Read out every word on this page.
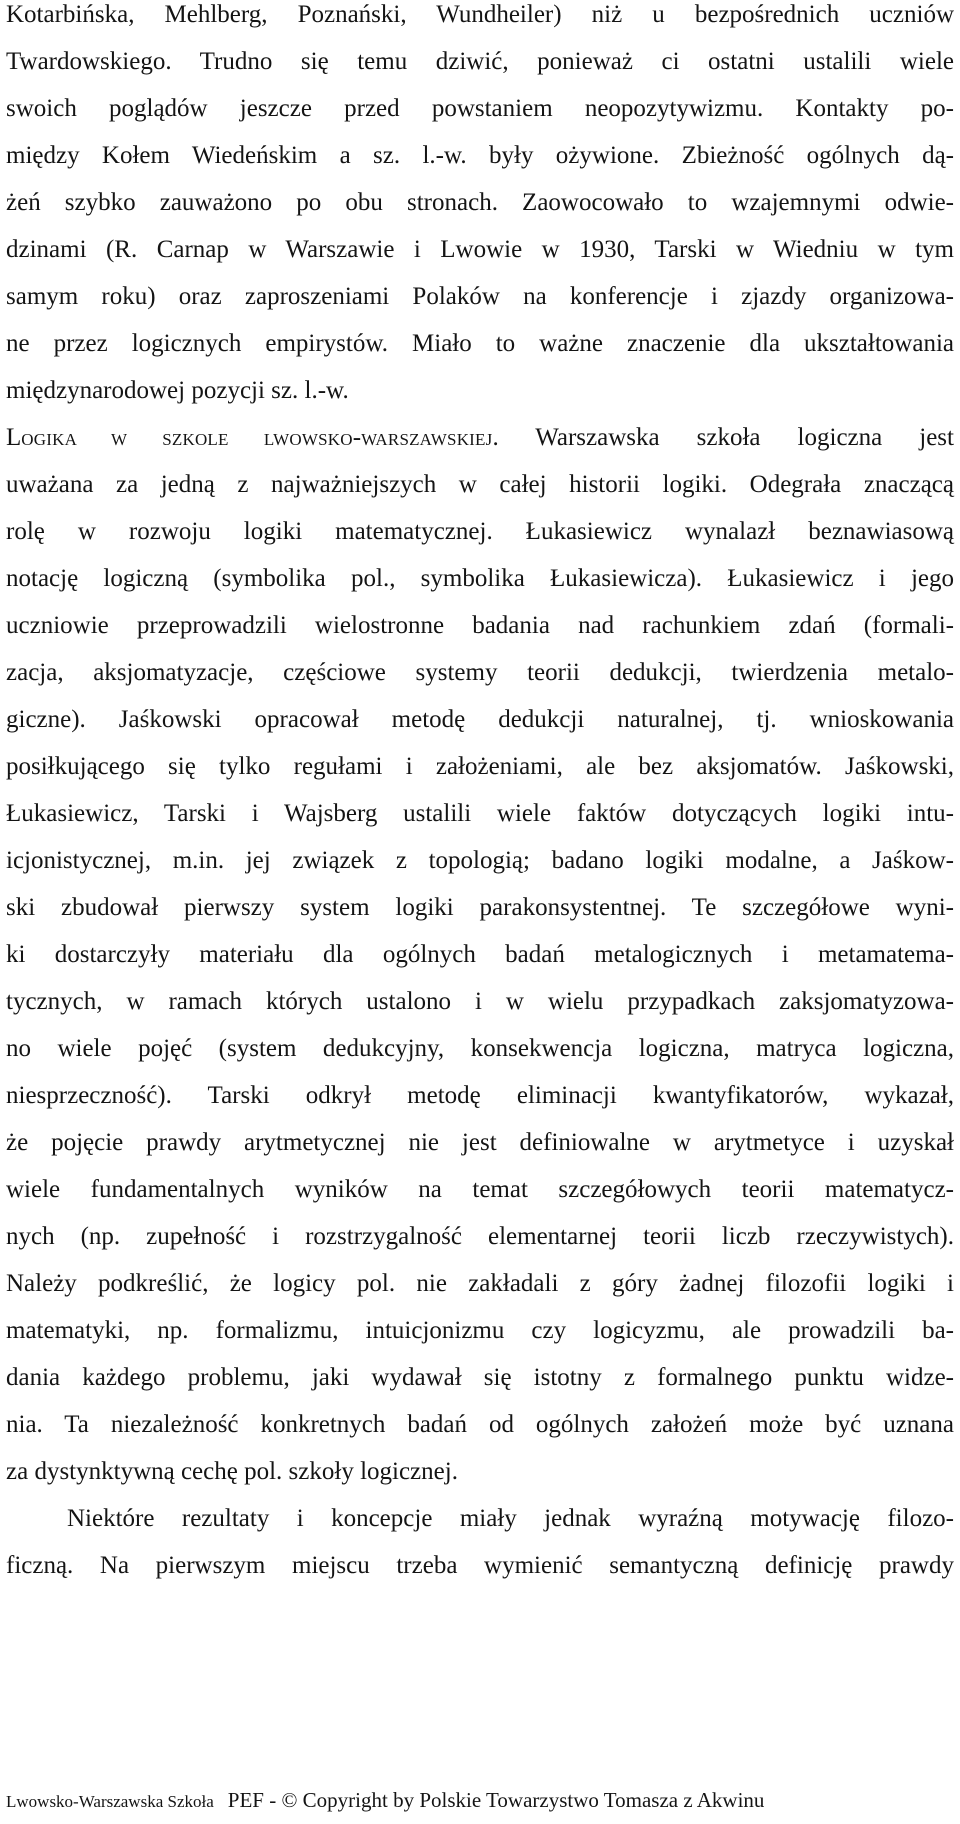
Kotarbińska, Mehlberg, Poznański, Wundheiler) niż u bezpośrednich uczniów
Twardowskiego. Trudno się temu dziwić, ponieważ ci ostatni ustalili wiele
swoich poglądów jeszcze przed powstaniem neopozytywizmu. Kontakty po-
między Kołem Wiedeńskim a sz. l.-w. były ożywione. Zbieżność ogólnych dą-
żeń szybko zauważono po obu stronach. Zaowocowało to wzajemnymi odwie-
dzinami (R. Carnap w Warszawie i Lwowie w 1930, Tarski w Wiedniu w tym
samym roku) oraz zaproszeniami Polaków na konferencje i zjazdy organizowa-
ne przez logicznych empirystów. Miało to ważne znaczenie dla ukształtowania
międzynarodowej pozycji sz. l.-w.
LOGIKA W SZKOLE LWOWSKO-WARSZAWSKIEJ. Warszawska szkoła logiczna jest
uważana za jedną z najważniejszych w całej historii logiki. Odegrała znaczącą
rolę w rozwoju logiki matematycznej. Łukasiewicz wynalazł beznawiasową
notację logiczną (symbolika pol., symbolika Łukasiewicza). Łukasiewicz i jego
uczniowie przeprowadzili wielostronne badania nad rachunkiem zdań (formali-
zacja, aksjomatyzacje, częściowe systemy teorii dedukcji, twierdzenia metalo-
giczne). Jaśkowski opracował metodę dedukcji naturalnej, tj. wnioskowania
posiłkującego się tylko regułami i założeniami, ale bez aksjomatów. Jaśkowski,
Łukasiewicz, Tarski i Wajsberg ustalili wiele faktów dotyczących logiki intu-
icjonistycznej, m.in. jej związek z topologią; badano logiki modalne, a Jaśkow-
ski zbudował pierwszy system logiki parakonsystentnej. Te szczegółowe wyni-
ki dostarczyły materiału dla ogólnych badań metalogicznych i metamatema-
tycznych, w ramach których ustalono i w wielu przypadkach zaksjomatyzowa-
no wiele pojęć (system dedukcyjny, konsekwencja logiczna, matryca logiczna,
niesprzeczność). Tarski odkrył metodę eliminacji kwantyfikatorów, wykazał,
że pojęcie prawdy arytmetycznej nie jest definiowalne w arytmetyce i uzyskał
wiele fundamentalnych wyników na temat szczegółowych teorii matematycz-
nych (np. zupełność i rozstrzygalność elementarnej teorii liczb rzeczywistych).
Należy podkreślić, że logicy pol. nie zakładali z góry żadnej filozofii logiki i
matematyki, np. formalizmu, intuicjonizmu czy logicyzmu, ale prowadzili ba-
dania każdego problemu, jaki wydawał się istotny z formalnego punktu widze-
nia. Ta niezależność konkretnych badań od ogólnych założeń może być uznana
za dystynktywną cechę pol. szkoły logicznej.
Niektóre rezultaty i koncepcje miały jednak wyraźną motywację filozo-
ficzną. Na pierwszym miejscu trzeba wymienić semantyczną definicję prawdy
Lwowsko-Warszawska Szkoła PEF - © Copyright by Polskie Towarzystwo Tomasza z Akwinu
